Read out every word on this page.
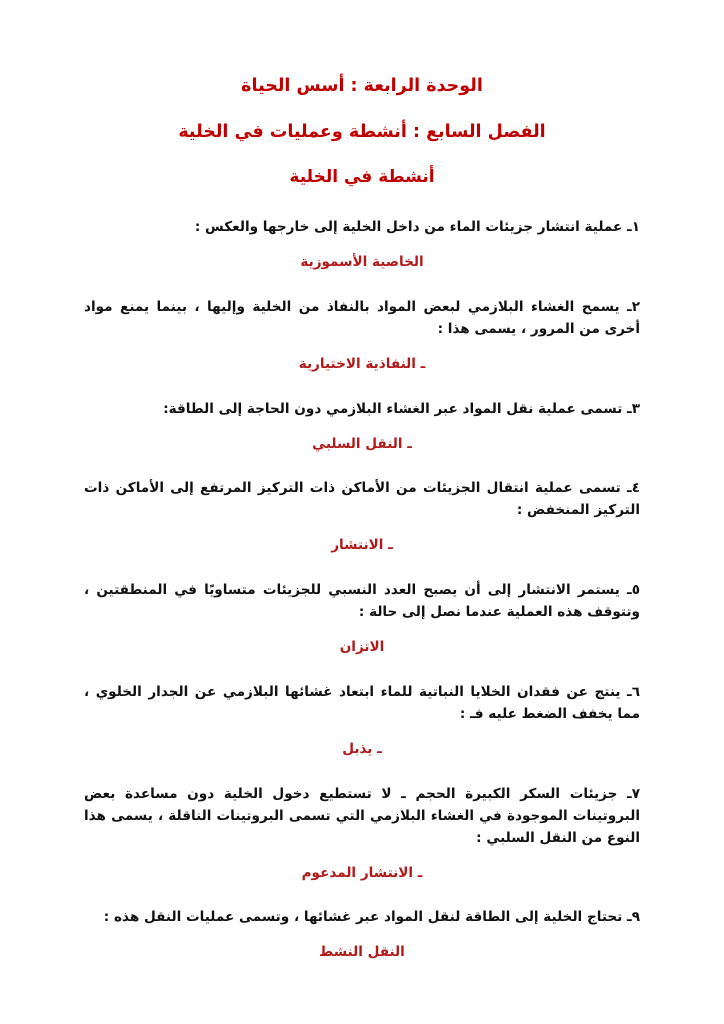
الوحدة الرابعة : أسس الحياة
الفصل السابع : أنشطة وعمليات في الخلية
أنشطة في الخلية

١ـ عملية انتشار جزيئات الماء من داخل الخلية إلى خارجها والعكس :

الخاصية الأسموزية

٢ـ يسمح الغشاء البلازمي لبعض المواد بالنفاذ من الخلية وإليها ، بينما يمنع مواد أخرى من المرور ، يسمى هذا :

ـ النفاذية الاختيارية

٣ـ تسمى عملية نقل المواد عبر الغشاء البلازمي دون الحاجة إلى الطاقة:

ـ النقل السلبي

٤ـ تسمى عملية انتقال الجزيئات من الأماكن ذات التركيز المرتفع إلى الأماكن ذات التركيز المنخفض :

ـ الانتشار

٥ـ يستمر الانتشار إلى أن يصبح العدد النسبي للجزيئات متساويًا في المنطقتين ، وتتوقف هذه العملية عندما نصل إلى حالة :

الاتزان

٦ـ ينتج عن فقدان الخلايا النباتية للماء ابتعاد غشائها البلازمي عن الجدار الخلوي ، مما يخفف الضغط عليه فـ :

ـ يذبل

٧ـ جزيئات السكر الكبيرة الحجم ـ لا تستطيع دخول الخلية دون مساعدة بعض البروتينات الموجودة في الغشاء البلازمي التي تسمى البروتينات الناقلة ، يسمى هذا النوع من النقل السلبي :

ـ الانتشار المدعوم

٩ـ تحتاج الخلية إلى الطاقة لنقل المواد عبر غشائها ، وتسمى عمليات النقل هذه :

النقل النشط
